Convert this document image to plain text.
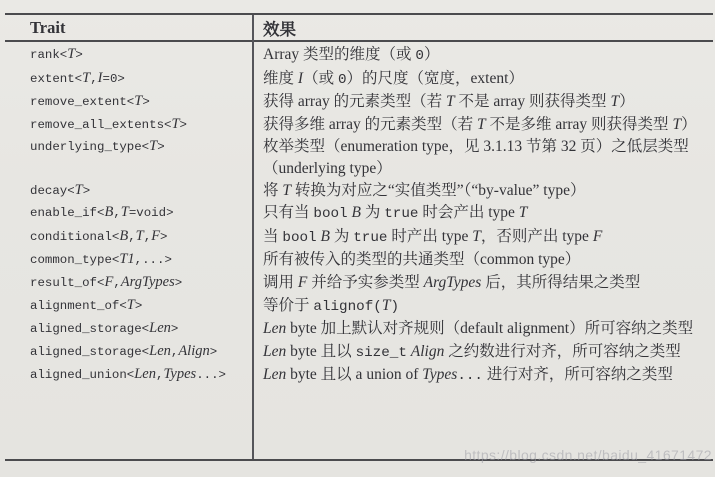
Trait	效果
rank<T>	Array 类型的维度（或 0）
extent<T,I=0>	维度 I（或 0）的尺度（宽度，extent）
remove_extent<T>	获得 array 的元素类型（若 T 不是 array 则获得类型 T）
remove_all_extents<T>	获得多维 array 的元素类型（若 T 不是多维 array 则获得类型 T）
underlying_type<T>	枚举类型（enumeration type，见 3.1.13 节第 32 页）之低层类型（underlying type）
decay<T>	将 T 转换为对应之“实值类型”（“by-value” type）
enable_if<B,T=void>	只有当 bool B 为 true 时会产出 type T
conditional<B,T,F>	当 bool B 为 true 时产出 type T，否则产出 type F
common_type<T1,...>	所有被传入的类型的共通类型（common type）
result_of<F,ArgTypes>	调用 F 并给予实参类型 ArgTypes 后，其所得结果之类型
alignment_of<T>	等价于 alignof(T)
aligned_storage<Len>	Len byte 加上默认对齐规则（default alignment）所可容纳之类型
aligned_storage<Len,Align>	Len byte 且以 size_t Align 之约数进行对齐，所可容纳之类型
aligned_union<Len,Types...>	Len byte 且以 a union of Types... 进行对齐，所可容纳之类型
https://blog.csdn.net/baidu_41671472
